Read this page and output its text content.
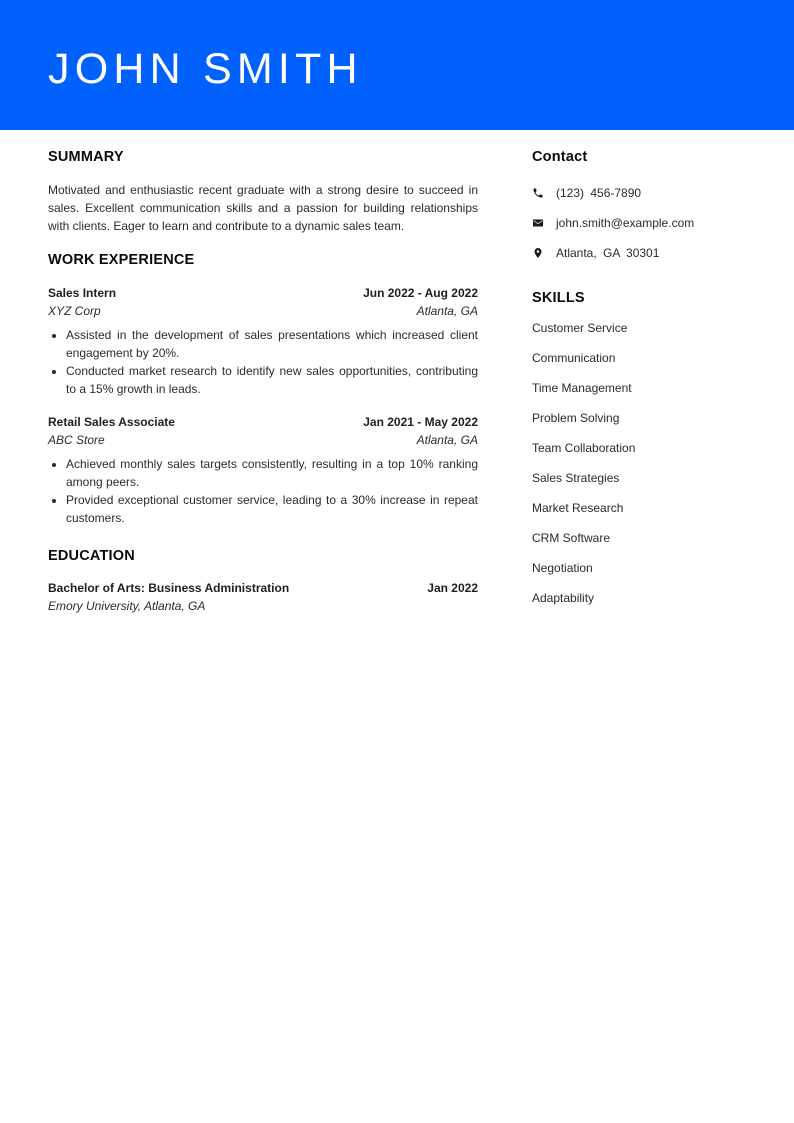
JOHN SMITH
SUMMARY

Motivated and enthusiastic recent graduate with a strong desire to succeed in sales. Excellent communication skills and a passion for building relationships with clients. Eager to learn and contribute to a dynamic sales team.

WORK EXPERIENCE
Sales Intern	Jun 2022 - Aug 2022
XYZ Corp	Atlanta, GA
• Assisted in the development of sales presentations which increased client engagement by 20%.
• Conducted market research to identify new sales opportunities, contributing to a 15% growth in leads.
Retail Sales Associate	Jan 2021 - May 2022
ABC Store	Atlanta, GA
• Achieved monthly sales targets consistently, resulting in a top 10% ranking among peers.
• Provided exceptional customer service, leading to a 30% increase in repeat customers.
EDUCATION
Bachelor of Arts: Business Administration	Jan 2022
Emory University, Atlanta, GA
Contact
(123) 456-7890
john.smith@example.com
Atlanta, GA 30301
SKILLS
Customer Service
Communication
Time Management
Problem Solving
Team Collaboration
Sales Strategies
Market Research
CRM Software
Negotiation
Adaptability
